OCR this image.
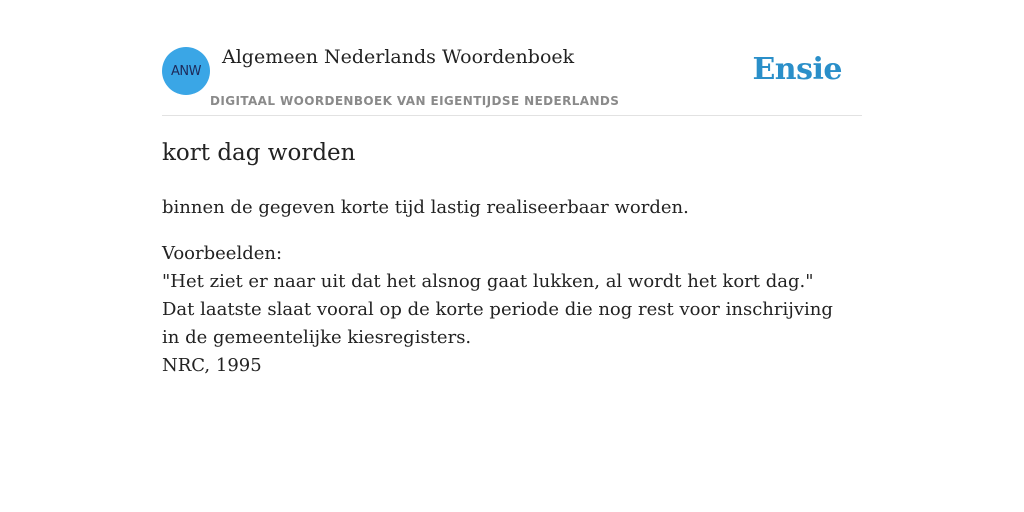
ANW
Algemeen Nederlands Woordenboek
DIGITAAL WOORDENBOEK VAN EIGENTIJDSE NEDERLANDS
Ensie
kort dag worden
binnen de gegeven korte tijd lastig realiseerbaar worden.
Voorbeelden:
"Het ziet er naar uit dat het alsnog gaat lukken, al wordt het kort dag." Dat laatste slaat vooral op de korte periode die nog rest voor inschrijving in de gemeentelijke kiesregisters.
NRC, 1995
